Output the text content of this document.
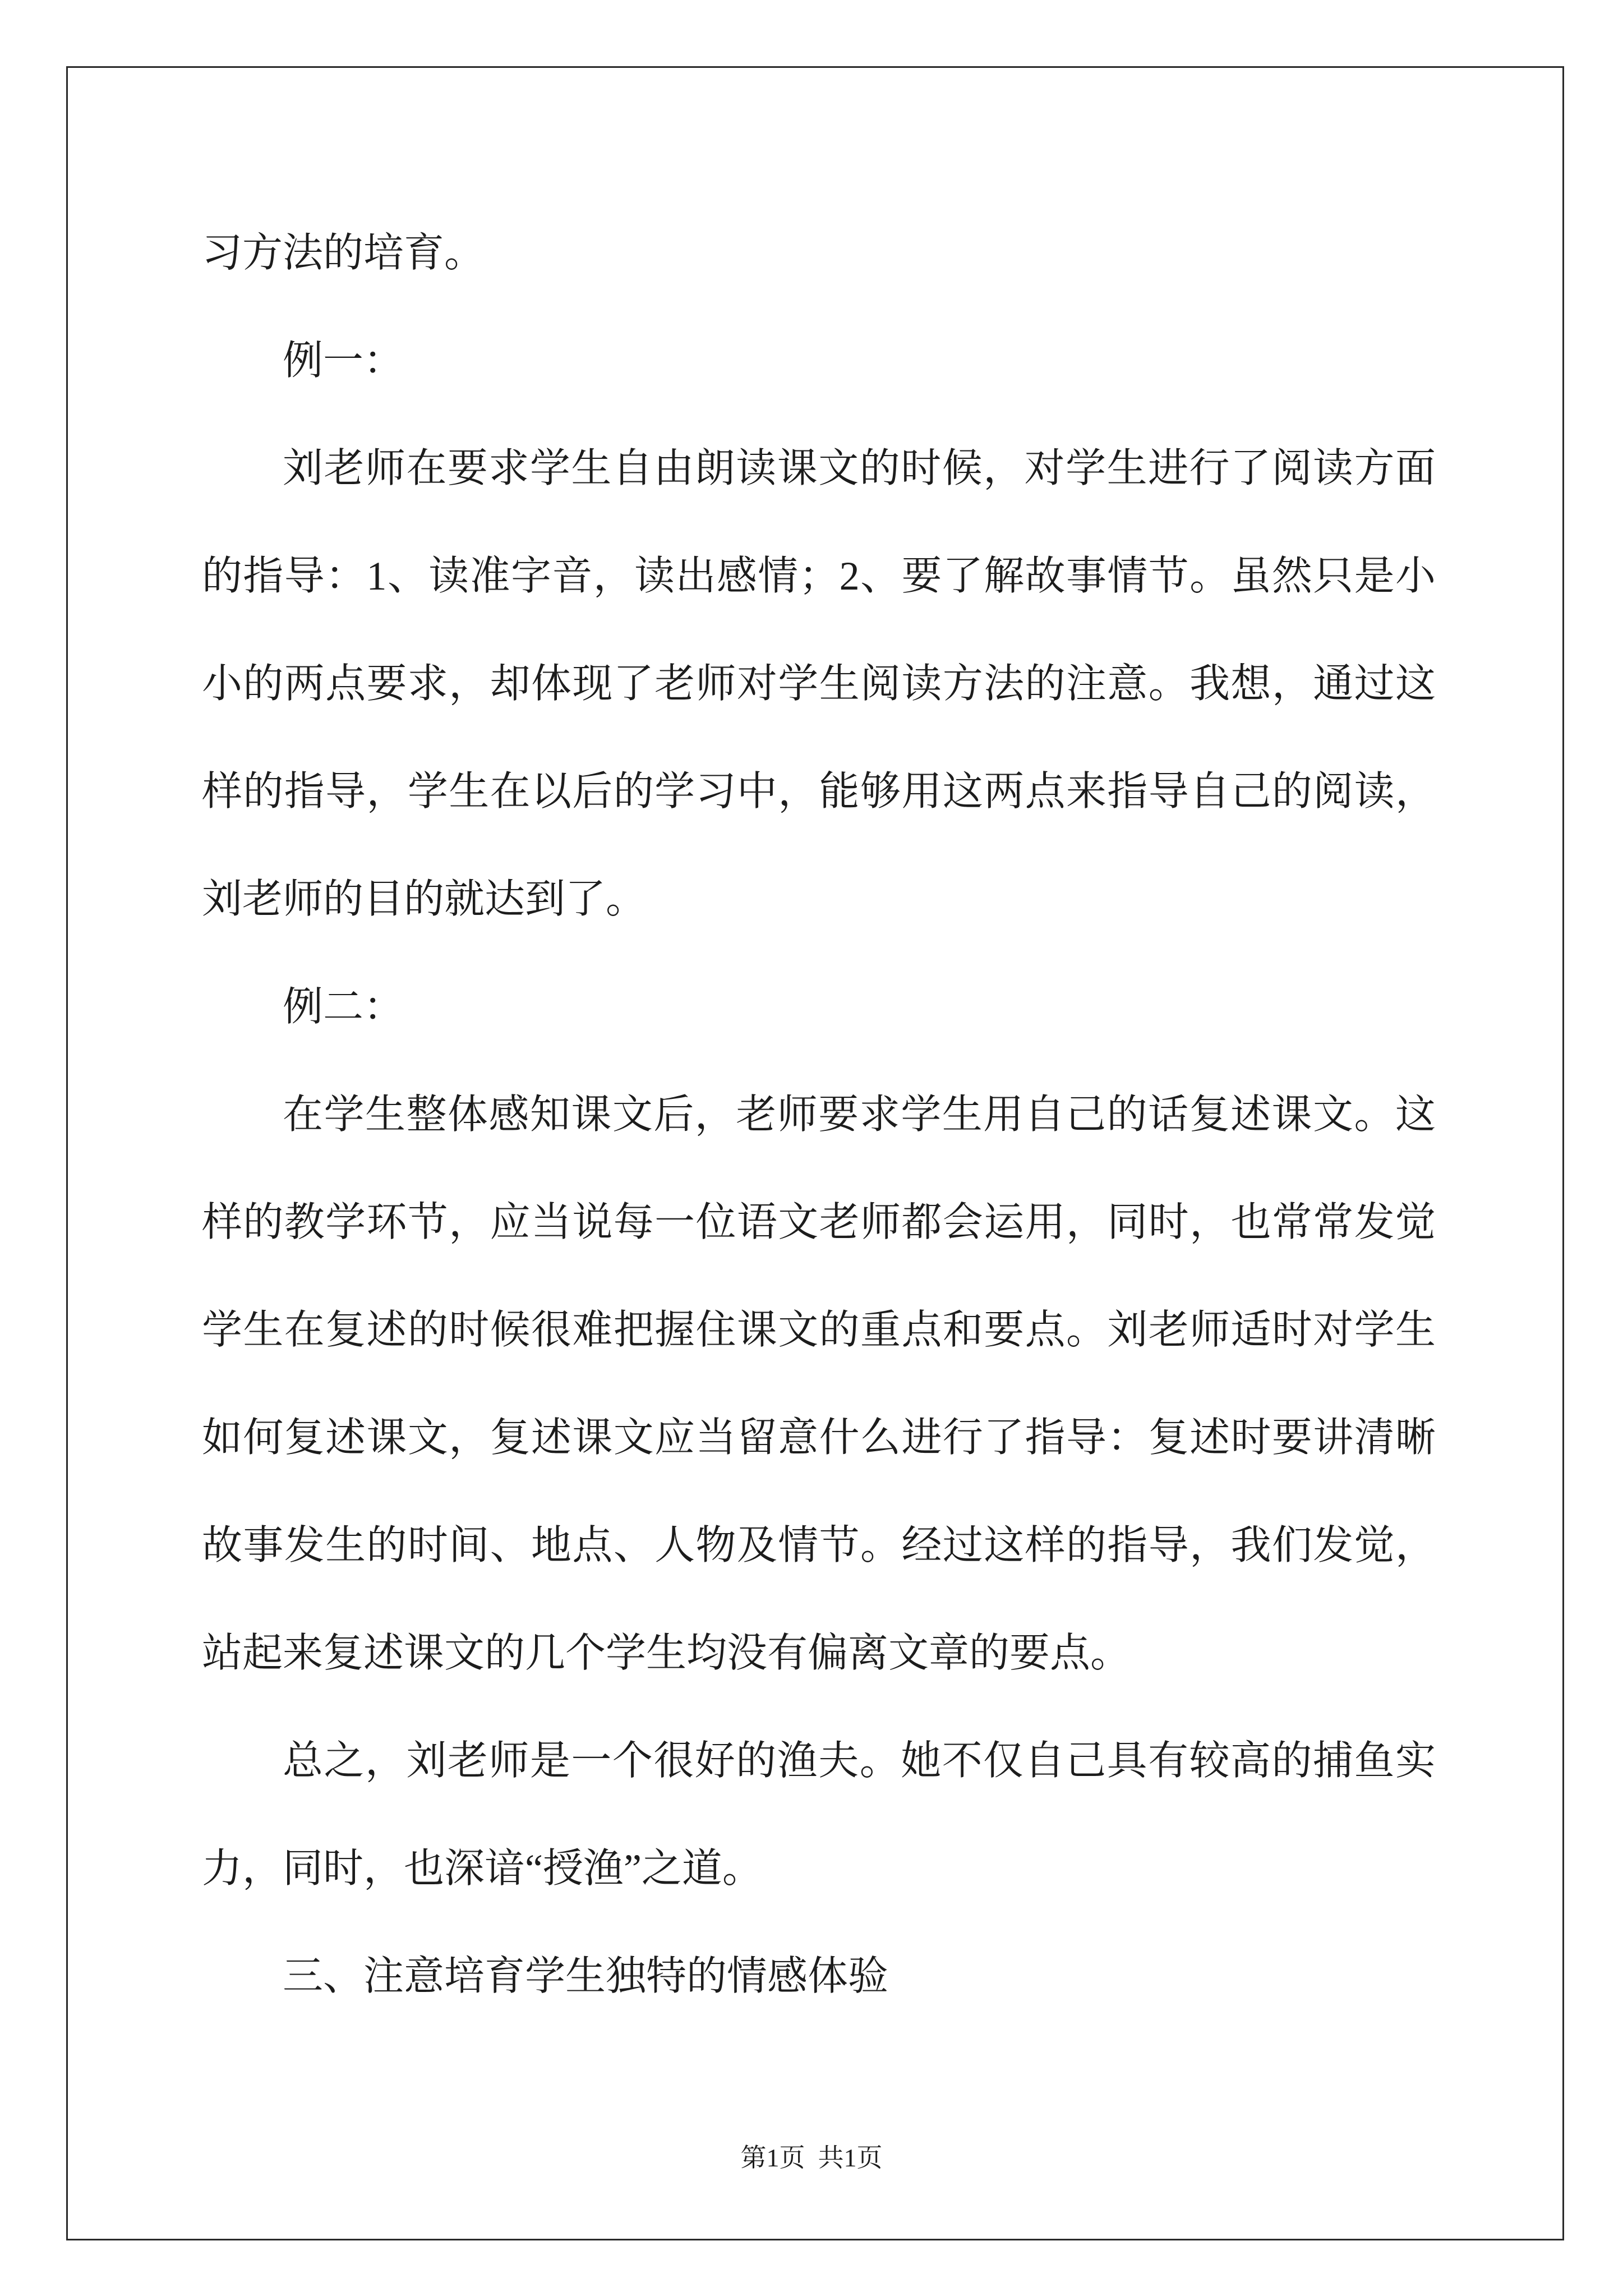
习方法的培育。
例一：
刘老师在要求学生自由朗读课文的时候，对学生进行了阅读方面
的指导：1、读准字音，读出感情；2、要了解故事情节。虽然只是小
小的两点要求，却体现了老师对学生阅读方法的注意。我想，通过这
样的指导，学生在以后的学习中，能够用这两点来指导自己的阅读，
刘老师的目的就达到了。
例二：
在学生整体感知课文后，老师要求学生用自己的话复述课文。这
样的教学环节，应当说每一位语文老师都会运用，同时，也常常发觉
学生在复述的时候很难把握住课文的重点和要点。刘老师适时对学生
如何复述课文，复述课文应当留意什么进行了指导：复述时要讲清晰
故事发生的时间、地点、人物及情节。经过这样的指导，我们发觉，
站起来复述课文的几个学生均没有偏离文章的要点。
总之，刘老师是一个很好的渔夫。她不仅自己具有较高的捕鱼实
力，同时，也深谙“授渔”之道。
三、注意培育学生独特的情感体验
第1页  共1页
